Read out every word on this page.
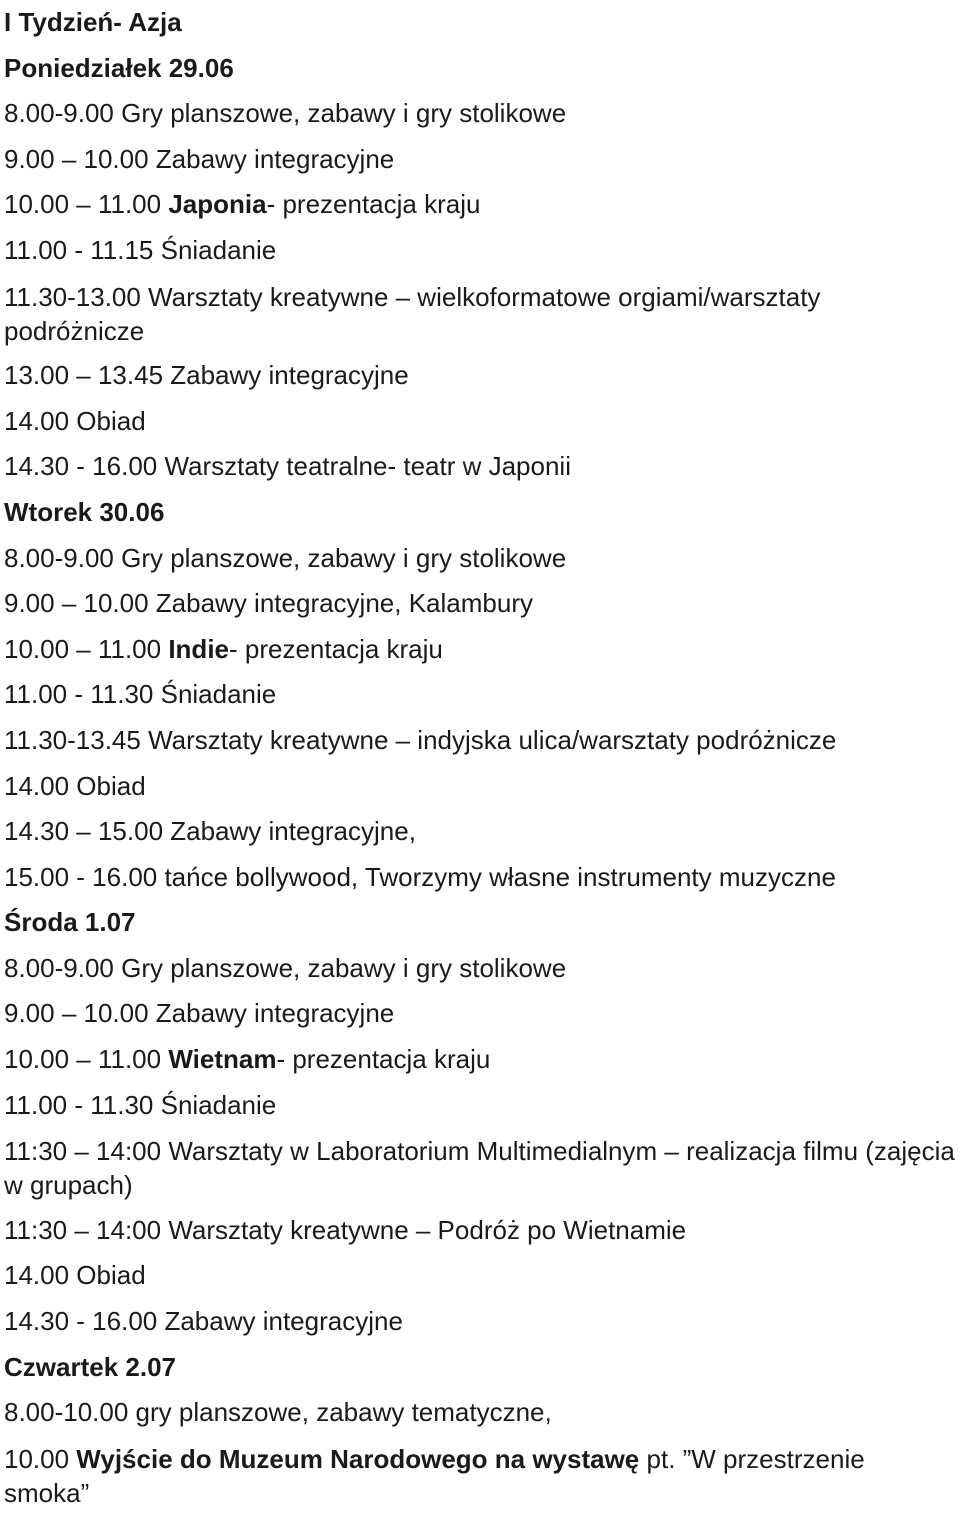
I Tydzień- Azja
Poniedziałek 29.06
8.00-9.00 Gry planszowe, zabawy i gry stolikowe
9.00 – 10.00 Zabawy integracyjne
10.00 – 11.00 Japonia- prezentacja kraju
11.00 - 11.15 Śniadanie
11.30-13.00 Warsztaty kreatywne – wielkoformatowe orgiami/warsztaty podróżnicze
13.00 – 13.45 Zabawy integracyjne
14.00 Obiad
14.30 - 16.00 Warsztaty teatralne- teatr w Japonii
Wtorek 30.06
8.00-9.00 Gry planszowe, zabawy i gry stolikowe
9.00 – 10.00 Zabawy integracyjne, Kalambury
10.00 – 11.00 Indie- prezentacja kraju
11.00 - 11.30 Śniadanie
11.30-13.45 Warsztaty kreatywne – indyjska ulica/warsztaty podróżnicze
14.00 Obiad
14.30 – 15.00 Zabawy integracyjne,
15.00 - 16.00 tańce bollywood, Tworzymy własne instrumenty muzyczne
Środa 1.07
8.00-9.00 Gry planszowe, zabawy i gry stolikowe
9.00 – 10.00 Zabawy integracyjne
10.00 – 11.00 Wietnam- prezentacja kraju
11.00 - 11.30 Śniadanie
11:30 – 14:00 Warsztaty w Laboratorium Multimedialnym – realizacja filmu (zajęcia w grupach)
11:30 – 14:00 Warsztaty kreatywne – Podróż po Wietnamie
14.00 Obiad
14.30 - 16.00 Zabawy integracyjne
Czwartek 2.07
8.00-10.00 gry planszowe, zabawy tematyczne,
10.00 Wyjście do Muzeum Narodowego na wystawę pt. ”W przestrzenie smoka”
